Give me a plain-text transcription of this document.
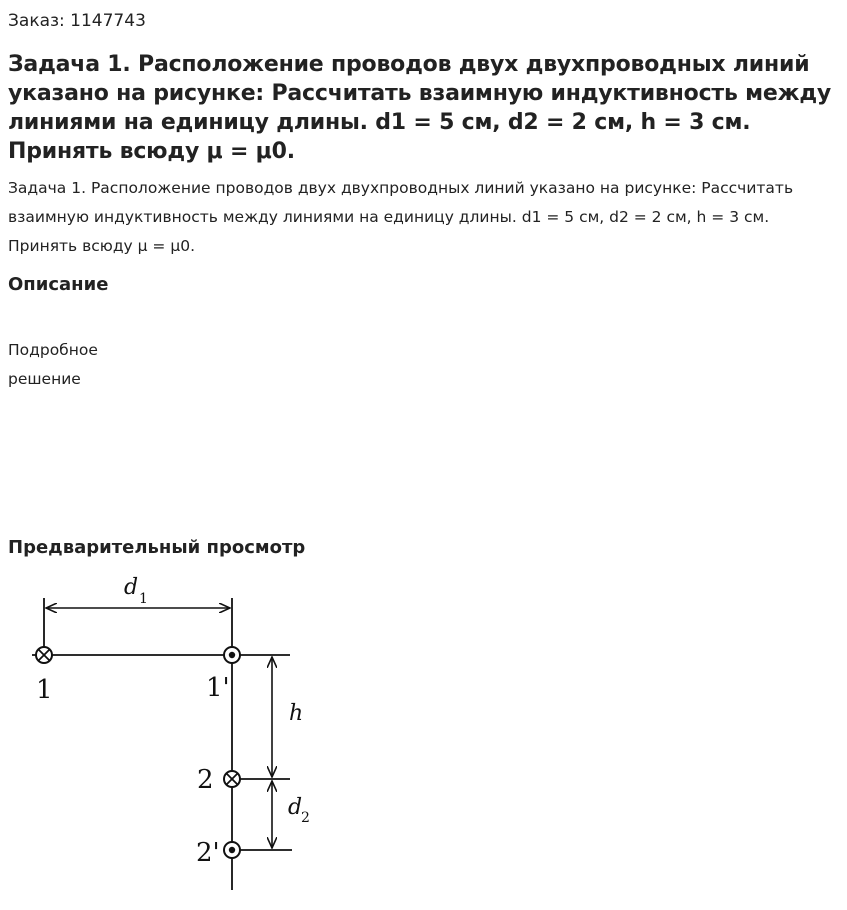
Заказ: 1147743
Задача 1. Расположение проводов двух двухпроводных линий указано на рисунке: Рассчитать взаимную индуктивность между линиями на единицу длины. d1 = 5 см, d2 = 2 см, h = 3 см. Принять всюду μ = μ0.

Задача 1. Расположение проводов двух двухпроводных линий указано на рисунке: Рассчитать взаимную индуктивность между линиями на единицу длины. d1 = 5 см, d2 = 2 см, h = 3 см. Принять всюду μ = μ0.

Описание
Подробное
решение
Предварительный просмотр
d 1
h
d
2
1	1'
2
2'
